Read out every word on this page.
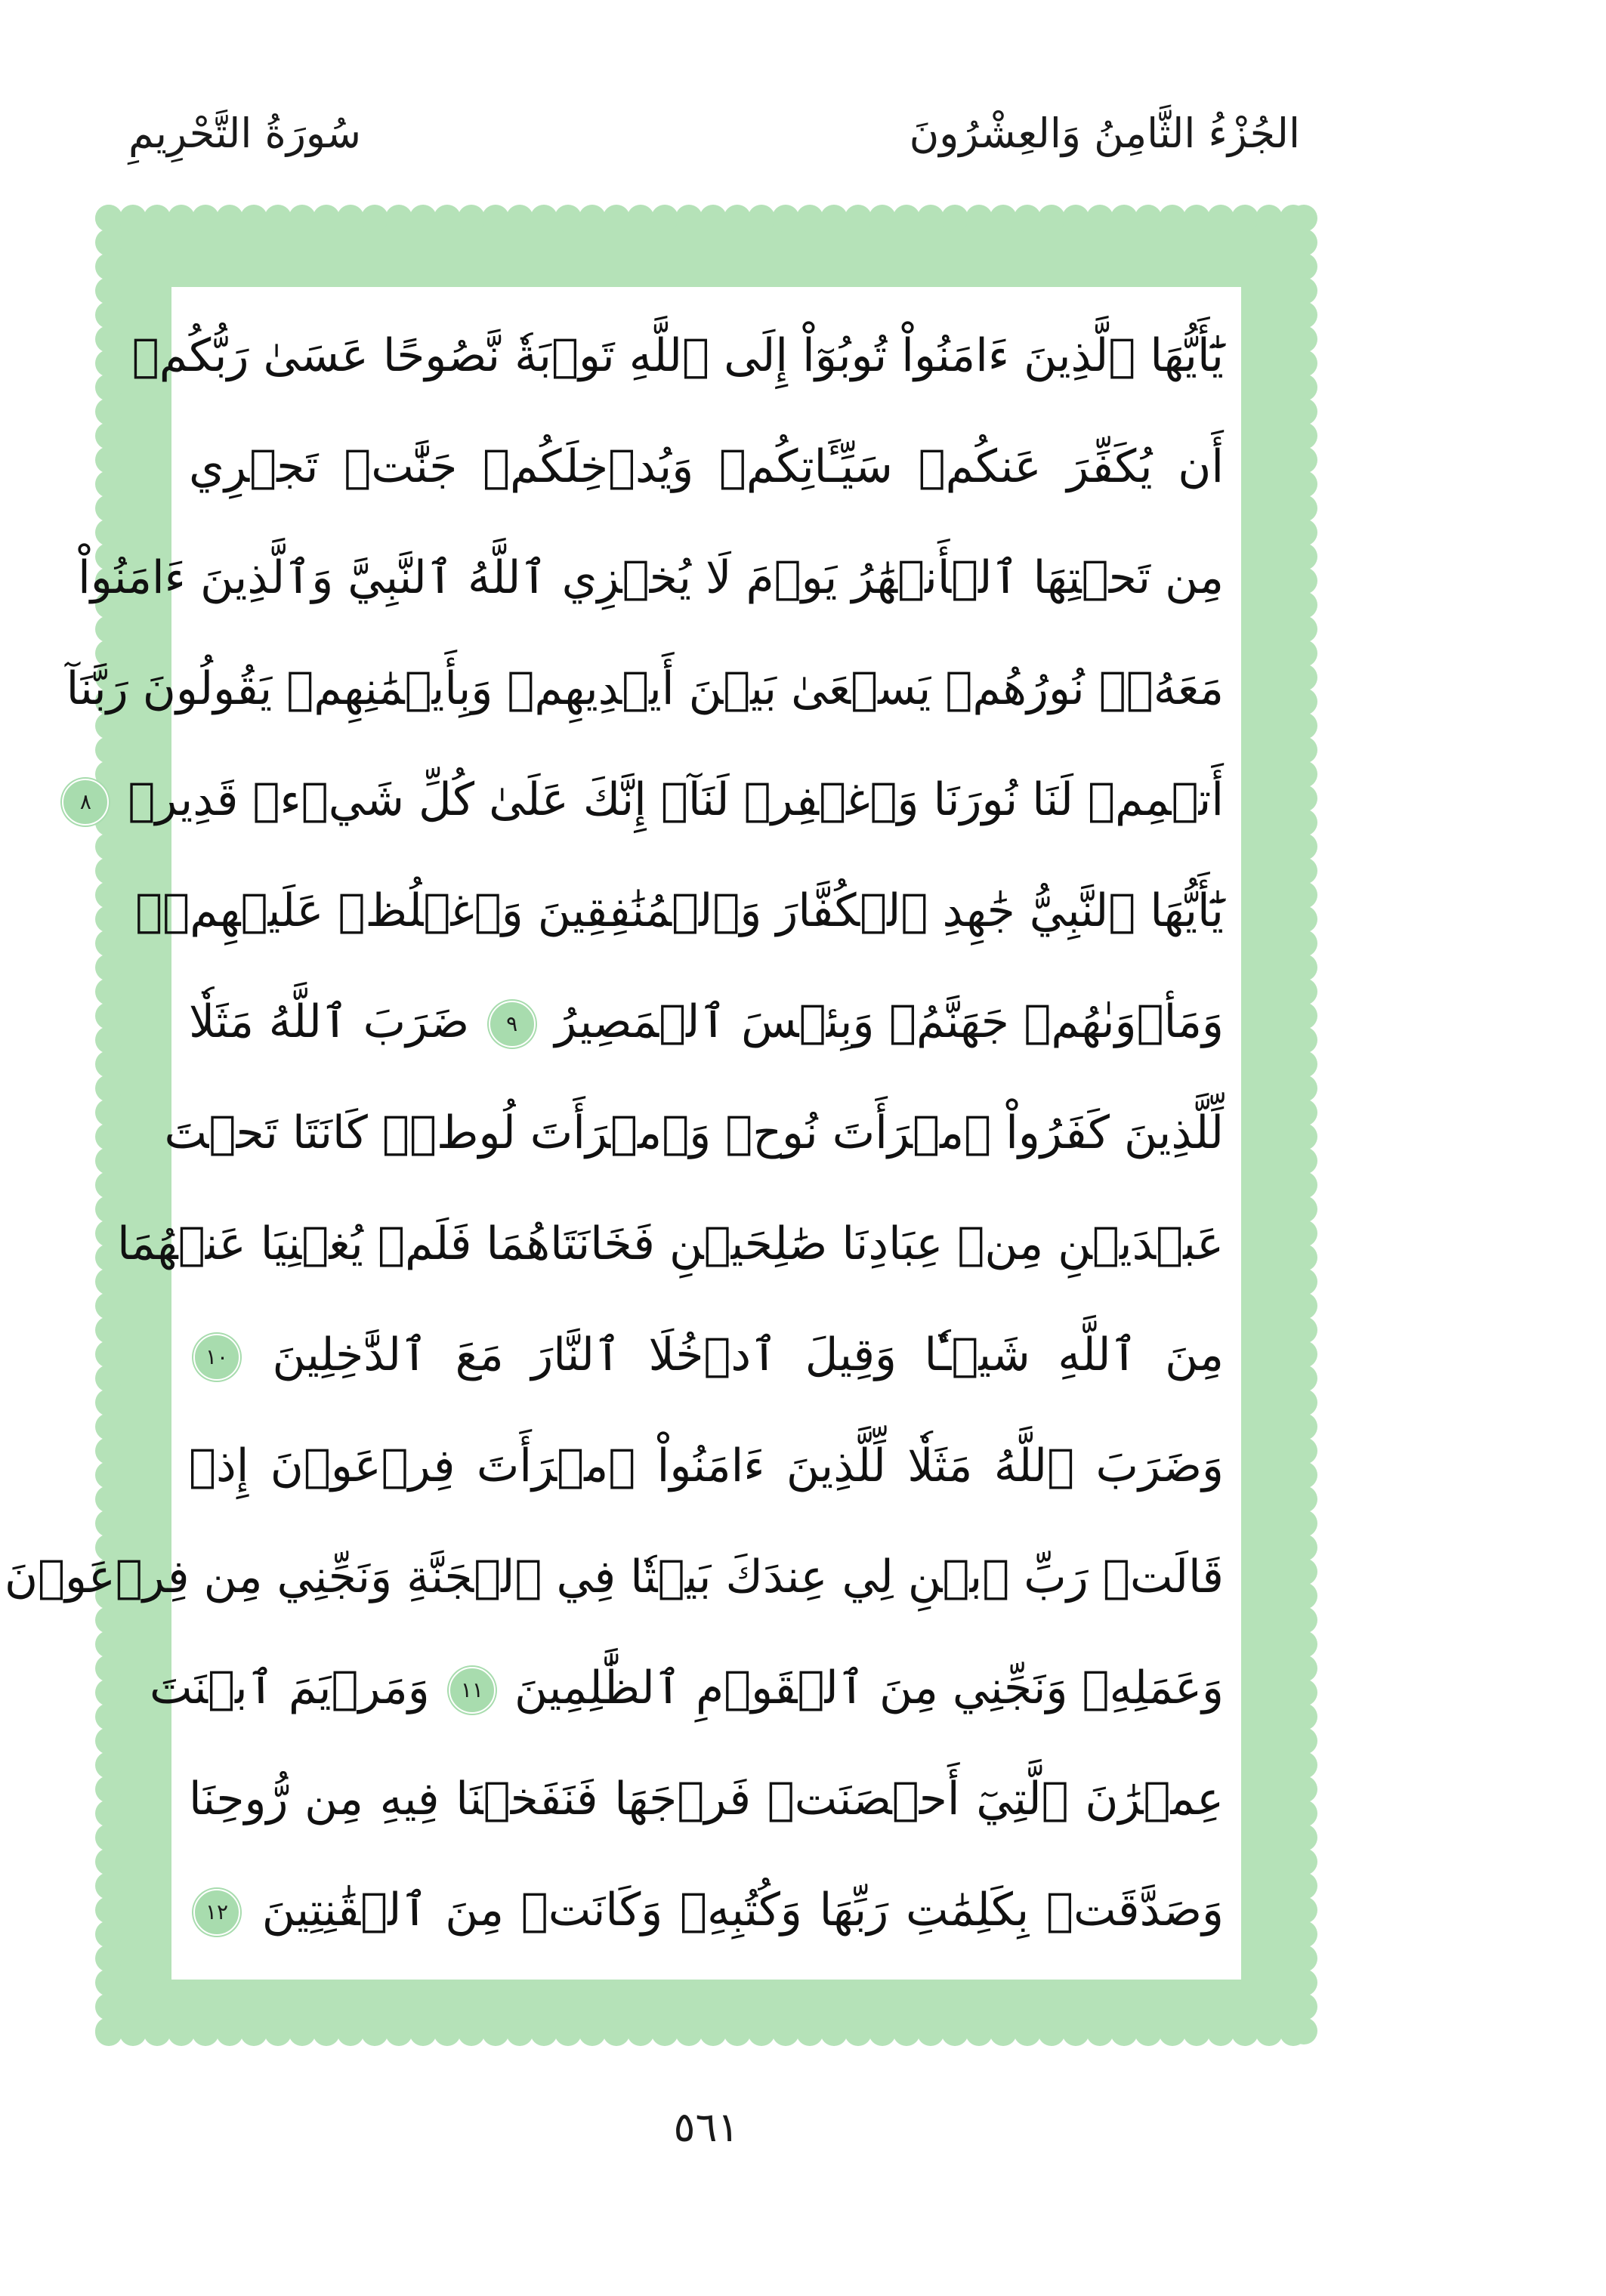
الجُزْءُ الثَّامِنُ وَالعِشْرُونَ
سُورَةُ التَّحْرِيمِ
يَٰٓأَيُّهَا ٱلَّذِينَ ءَامَنُواْ تُوبُوٓاْ إِلَى ٱللَّهِ تَوۡبَةٗ نَّصُوحًا عَسَىٰ رَبُّكُمۡ
أَن يُكَفِّرَ عَنكُمۡ سَيِّـَٔاتِكُمۡ وَيُدۡخِلَكُمۡ جَنَّٰتٖ تَجۡرِي
مِن تَحۡتِهَا ٱلۡأَنۡهَٰرُ يَوۡمَ لَا يُخۡزِي ٱللَّهُ ٱلنَّبِيَّ وَٱلَّذِينَ ءَامَنُواْ
مَعَهُۥۖ نُورُهُمۡ يَسۡعَىٰ بَيۡنَ أَيۡدِيهِمۡ وَبِأَيۡمَٰنِهِمۡ يَقُولُونَ رَبَّنَآ
أَتۡمِمۡ لَنَا نُورَنَا وَٱغۡفِرۡ لَنَآۖ إِنَّكَ عَلَىٰ كُلِّ شَيۡءٖ قَدِيرٞ ٨
يَٰٓأَيُّهَا ٱلنَّبِيُّ جَٰهِدِ ٱلۡكُفَّارَ وَٱلۡمُنَٰفِقِينَ وَٱغۡلُظۡ عَلَيۡهِمۡۚ
وَمَأۡوَىٰهُمۡ جَهَنَّمُۖ وَبِئۡسَ ٱلۡمَصِيرُ ٩ ضَرَبَ ٱللَّهُ مَثَلٗا
لِّلَّذِينَ كَفَرُواْ ٱمۡرَأَتَ نُوحٖ وَٱمۡرَأَتَ لُوطٖۖ كَانَتَا تَحۡتَ
عَبۡدَيۡنِ مِنۡ عِبَادِنَا صَٰلِحَيۡنِ فَخَانَتَاهُمَا فَلَمۡ يُغۡنِيَا عَنۡهُمَا
مِنَ ٱللَّهِ شَيۡـٔٗا وَقِيلَ ٱدۡخُلَا ٱلنَّارَ مَعَ ٱلدَّٰخِلِينَ ١٠
وَضَرَبَ ٱللَّهُ مَثَلٗا لِّلَّذِينَ ءَامَنُواْ ٱمۡرَأَتَ فِرۡعَوۡنَ إِذۡ
قَالَتۡ رَبِّ ٱبۡنِ لِي عِندَكَ بَيۡتٗا فِي ٱلۡجَنَّةِ وَنَجِّنِي مِن فِرۡعَوۡنَ
وَعَمَلِهِۦ وَنَجِّنِي مِنَ ٱلۡقَوۡمِ ٱلظَّٰلِمِينَ ١١ وَمَرۡيَمَ ٱبۡنَتَ
عِمۡرَٰنَ ٱلَّتِيٓ أَحۡصَنَتۡ فَرۡجَهَا فَنَفَخۡنَا فِيهِ مِن رُّوحِنَا
وَصَدَّقَتۡ بِكَلِمَٰتِ رَبِّهَا وَكُتُبِهِۦ وَكَانَتۡ مِنَ ٱلۡقَٰنِتِينَ ١٢
٥٦١
